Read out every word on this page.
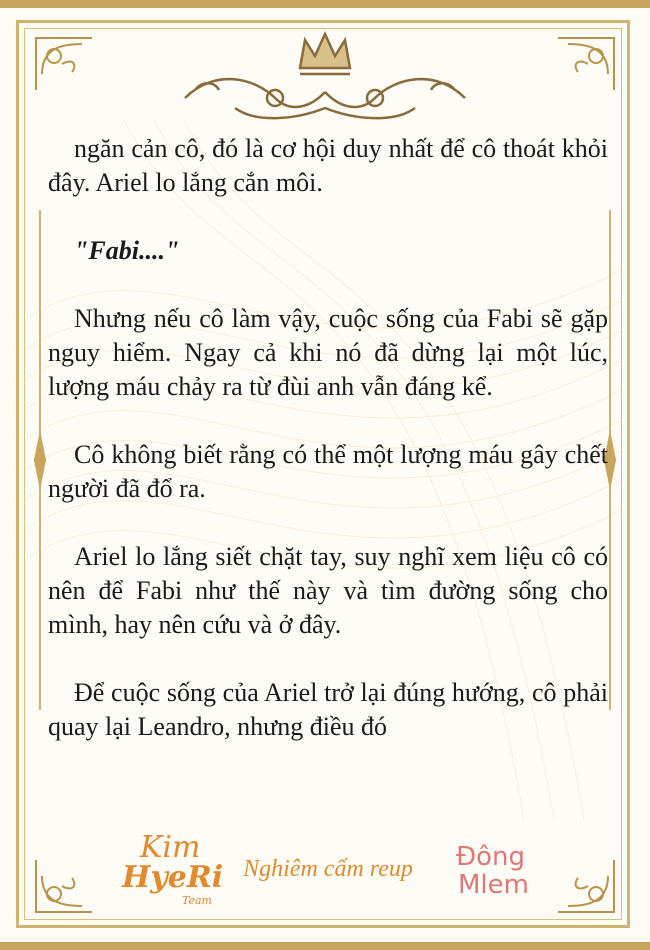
ngăn cản cô, đó là cơ hội duy nhất để cô thoát khỏi đây. Ariel lo lắng cắn môi.

"Fabi...."

Nhưng nếu cô làm vậy, cuộc sống của Fabi sẽ gặp nguy hiểm. Ngay cả khi nó đã dừng lại một lúc, lượng máu chảy ra từ đùi anh vẫn đáng kể.

Cô không biết rằng có thể một lượng máu gây chết người đã đổ ra.

Ariel lo lắng siết chặt tay, suy nghĩ xem liệu cô có nên để Fabi như thế này và tìm đường sống cho mình, hay nên cứu và ở đây.

Để cuộc sống của Ariel trở lại đúng hướng, cô phải quay lại Leandro, nhưng điều đó

Kim
HyeRi
Team
Nghiêm cấm reup	Đông
Mlem
